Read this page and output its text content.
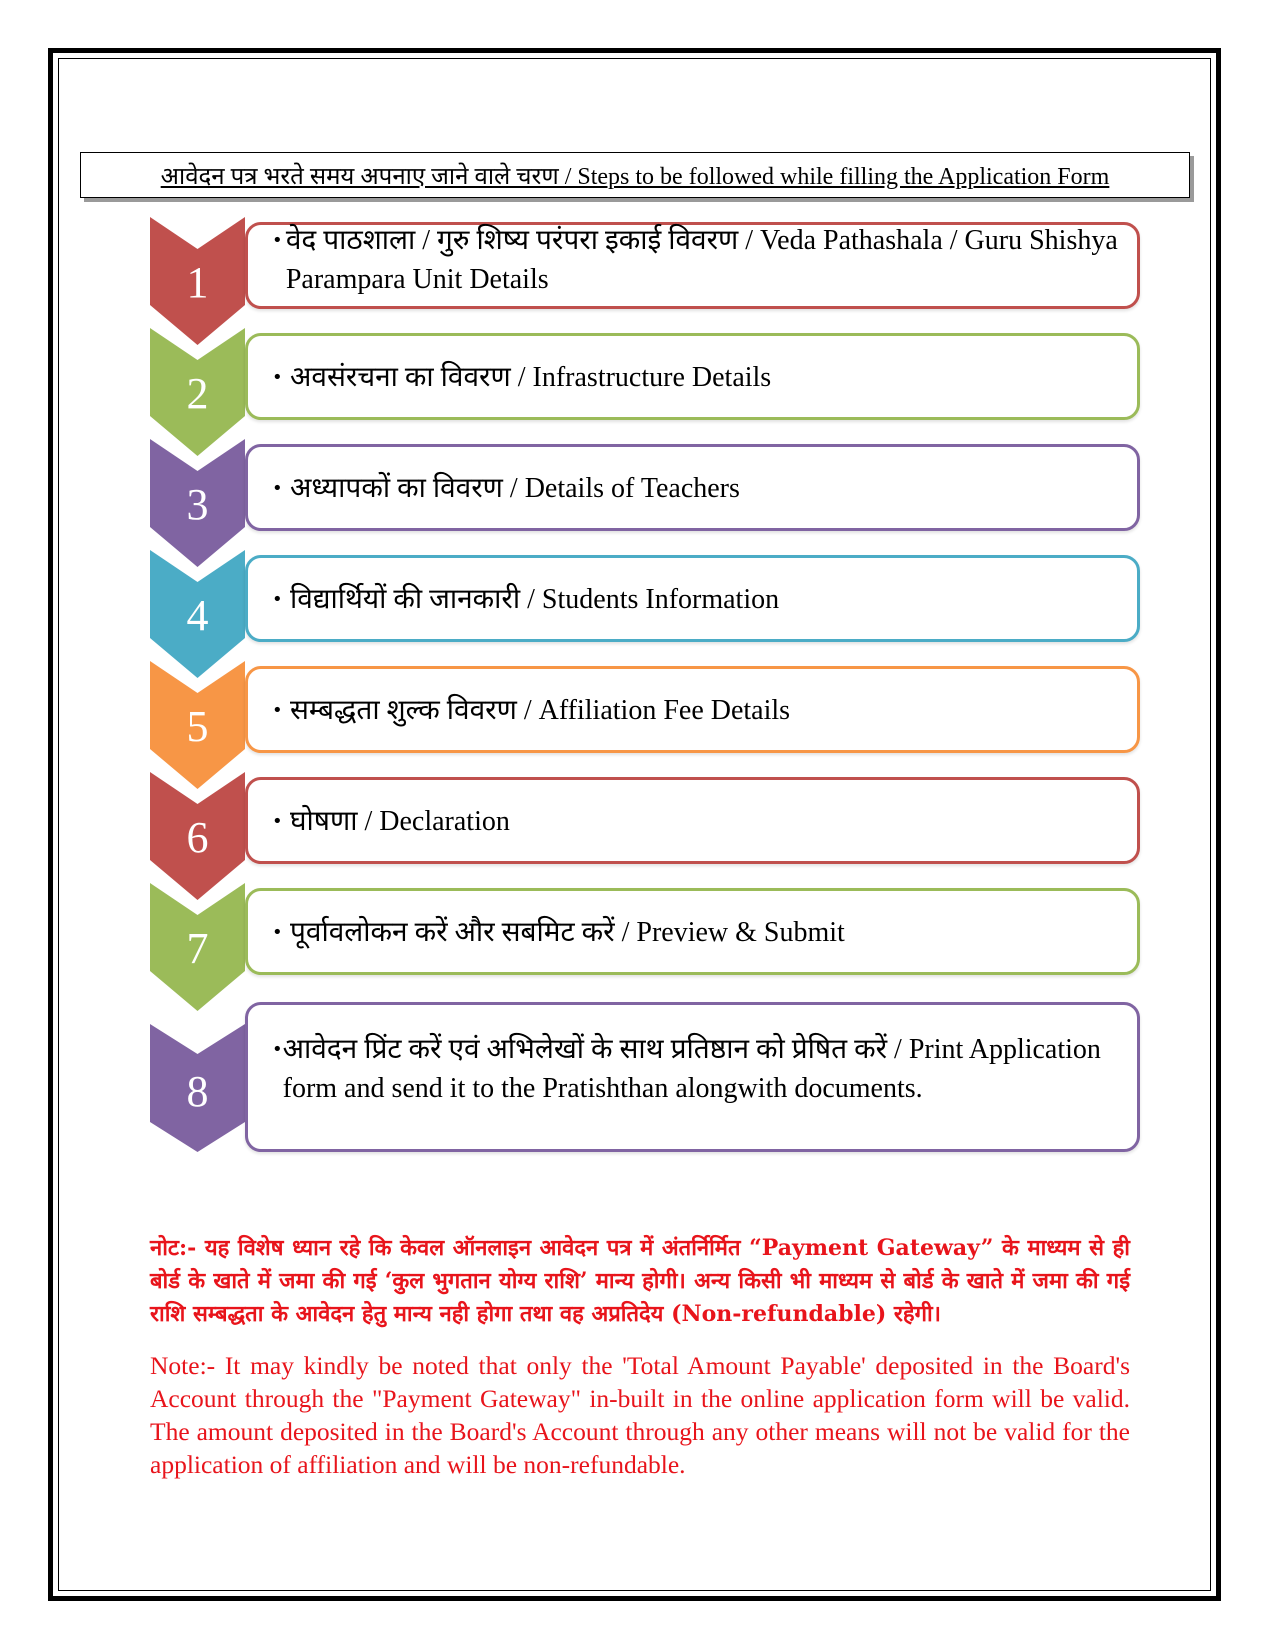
आवेदन पत्र भरते समय अपनाए जाने वाले चरण / Steps to be followed while filling the Application Form
1
• वेद पाठशाला / गुरु शिष्य परंपरा इकाई विवरण / Veda Pathashala / Guru Shishya Parampara Unit Details
2	• अवसंरचना का विवरण / Infrastructure Details
3	• अध्यापकों का विवरण / Details of Teachers
4	• विद्यार्थियों की जानकारी / Students Information
5	• सम्बद्धता शुल्क विवरण / Affiliation Fee Details
6	• घोषणा / Declaration
7	• पूर्वावलोकन करें और सबमिट करें / Preview & Submit
8
• आवेदन प्रिंट करें एवं अभिलेखों के साथ प्रतिष्ठान को प्रेषित करें / Print Application form and send it to the Pratishthan alongwith documents.

नोट:- यह विशेष ध्यान रहे कि केवल ऑनलाइन आवेदन पत्र में अंतर्निर्मित “Payment Gateway” के माध्यम से ही बोर्ड के खाते में जमा की गई ‘कुल भुगतान योग्य राशि’ मान्य होगी। अन्य किसी भी माध्यम से बोर्ड के खाते में जमा की गई राशि सम्बद्धता के आवेदन हेतु मान्य नही होगा तथा वह अप्रतिदेय (Non-refundable) रहेगी।

Note:- It may kindly be noted that only the 'Total Amount Payable' deposited in the Board's Account through the "Payment Gateway" in-built in the online application form will be valid. The amount deposited in the Board's Account through any other means will not be valid for the application of affiliation and will be non-refundable.
